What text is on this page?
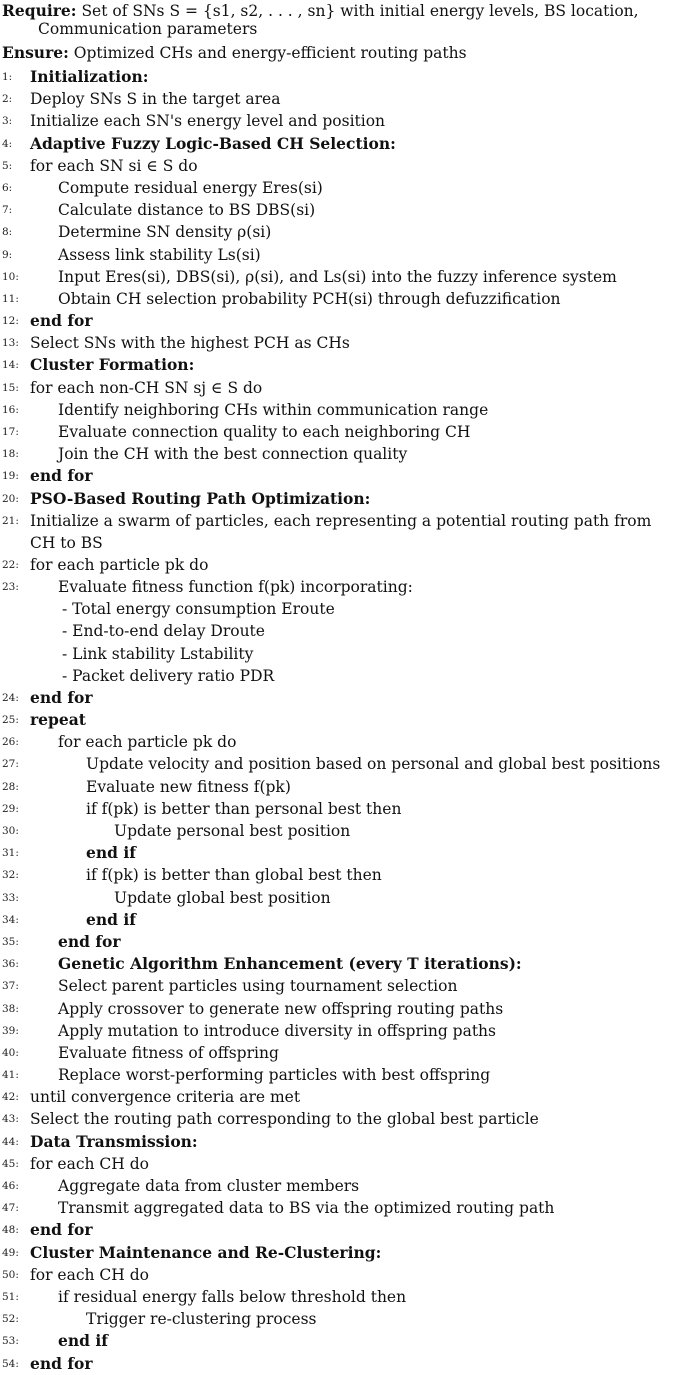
Require: Set of SNs S = {s1, s2, . . . , sn} with initial energy levels, BS location,
Communication parameters
Ensure: Optimized CHs and energy-efficient routing paths
1:	Initialization:
2:	Deploy SNs S in the target area
3:	Initialize each SN's energy level and position
4:	Adaptive Fuzzy Logic-Based CH Selection:
5:	for each SN si ∈ S do
6:	Compute residual energy Eres(si)
7:	Calculate distance to BS DBS(si)
8:	Determine SN density ρ(si)
9:	Assess link stability Ls(si)
10:	Input Eres(si), DBS(si), ρ(si), and Ls(si) into the fuzzy inference system
11:	Obtain CH selection probability PCH(si) through defuzzification
12: end for
13: Select SNs with the highest PCH as CHs
14: Cluster Formation:
15: for each non-CH SN sj ∈ S do
16:	Identify neighboring CHs within communication range
17:	Evaluate connection quality to each neighboring CH
18:	Join the CH with the best connection quality
19: end for
20: PSO-Based Routing Path Optimization:
21: Initialize a swarm of particles, each representing a potential routing path from CH to BS
22: for each particle pk do
23:	Evaluate fitness function f(pk) incorporating:
- Total energy consumption Eroute
- End-to-end delay Droute
- Link stability Lstability
- Packet delivery ratio PDR
24: end for
25: repeat
26:	for each particle pk do
27:	Update velocity and position based on personal and global best positions
28:	Evaluate new fitness f(pk)
29:	if f(pk) is better than personal best then
30:	Update personal best position
31:	end if
32:	if f(pk) is better than global best then
33:	Update global best position
34:	end if
35:	end for
36:	Genetic Algorithm Enhancement (every T iterations):
37:	Select parent particles using tournament selection
38:	Apply crossover to generate new offspring routing paths
39:	Apply mutation to introduce diversity in offspring paths
40:	Evaluate fitness of offspring
41:	Replace worst-performing particles with best offspring
42: until convergence criteria are met
43: Select the routing path corresponding to the global best particle
44: Data Transmission:
45: for each CH do
46:	Aggregate data from cluster members
47:	Transmit aggregated data to BS via the optimized routing path
48: end for
49: Cluster Maintenance and Re-Clustering:
50: for each CH do
51:	if residual energy falls below threshold then
52:	Trigger re-clustering process
53:	end if
54: end for
